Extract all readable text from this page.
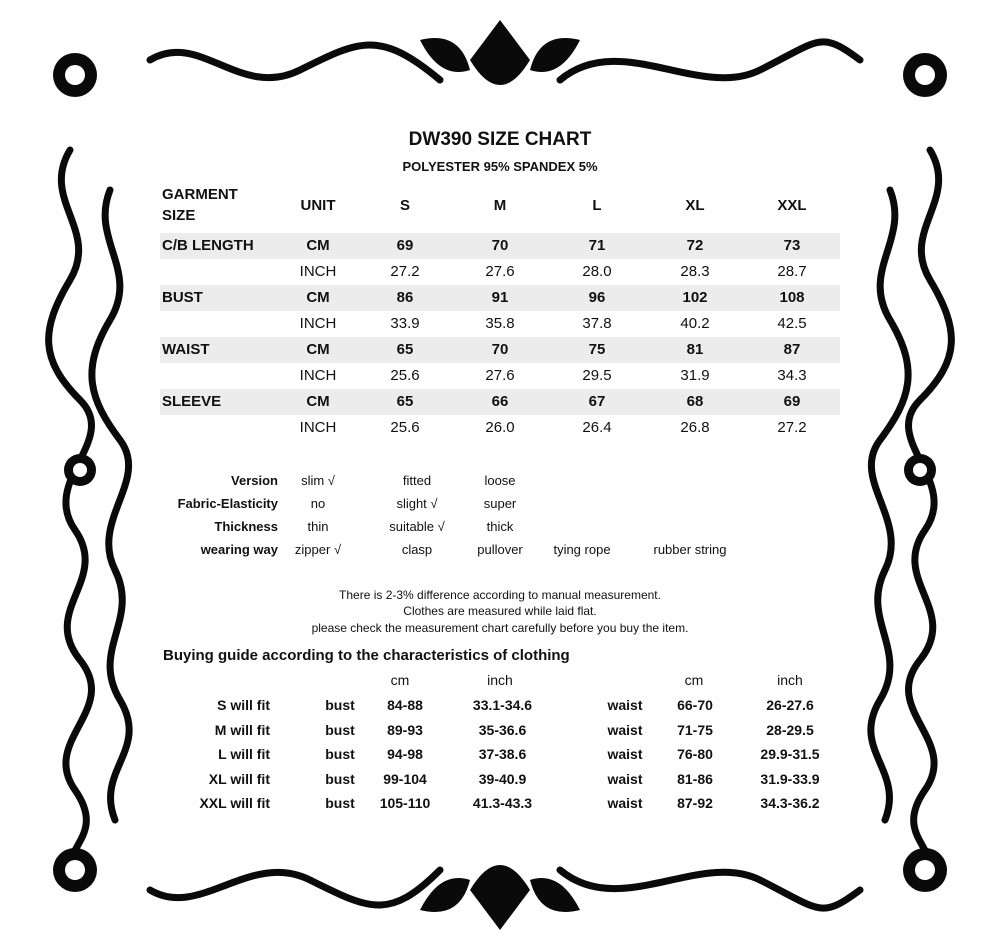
DW390 SIZE CHART
POLYESTER 95% SPANDEX 5%
GARMENT
SIZE
UNIT	S	M	L	XL	XXL
C/B LENGTH	CM	69	70	71	72	73
INCH	27.2	27.6	28.0	28.3	28.7
BUST	CM	86	91	96	102	108
INCH	33.9	35.8	37.8	40.2	42.5
WAIST	CM	65	70	75	81	87
INCH	25.6	27.6	29.5	31.9	34.3
SLEEVE	CM	65	66	67	68	69
INCH	25.6	26.0	26.4	26.8	27.2
Version	slim √	fitted	loose
Fabric-Elasticity	no	slight √	super
Thickness	thin	suitable √	thick
wearing way	zipper √	clasp	pullover	tying rope	rubber string
There is 2-3% difference according to manual measurement.
Clothes are measured while laid flat.
please check the measurement chart carefully before you buy the item.
Buying guide according to the characteristics of clothing
cm	inch	cm	inch
S will fit	bust	84-88	33.1-34.6	waist	66-70	26-27.6
M will fit	bust	89-93	35-36.6	waist	71-75	28-29.5
L will fit	bust	94-98	37-38.6	waist	76-80	29.9-31.5
XL will fit	bust	99-104	39-40.9	waist	81-86	31.9-33.9
XXL will fit	bust	105-110	41.3-43.3	waist	87-92	34.3-36.2
